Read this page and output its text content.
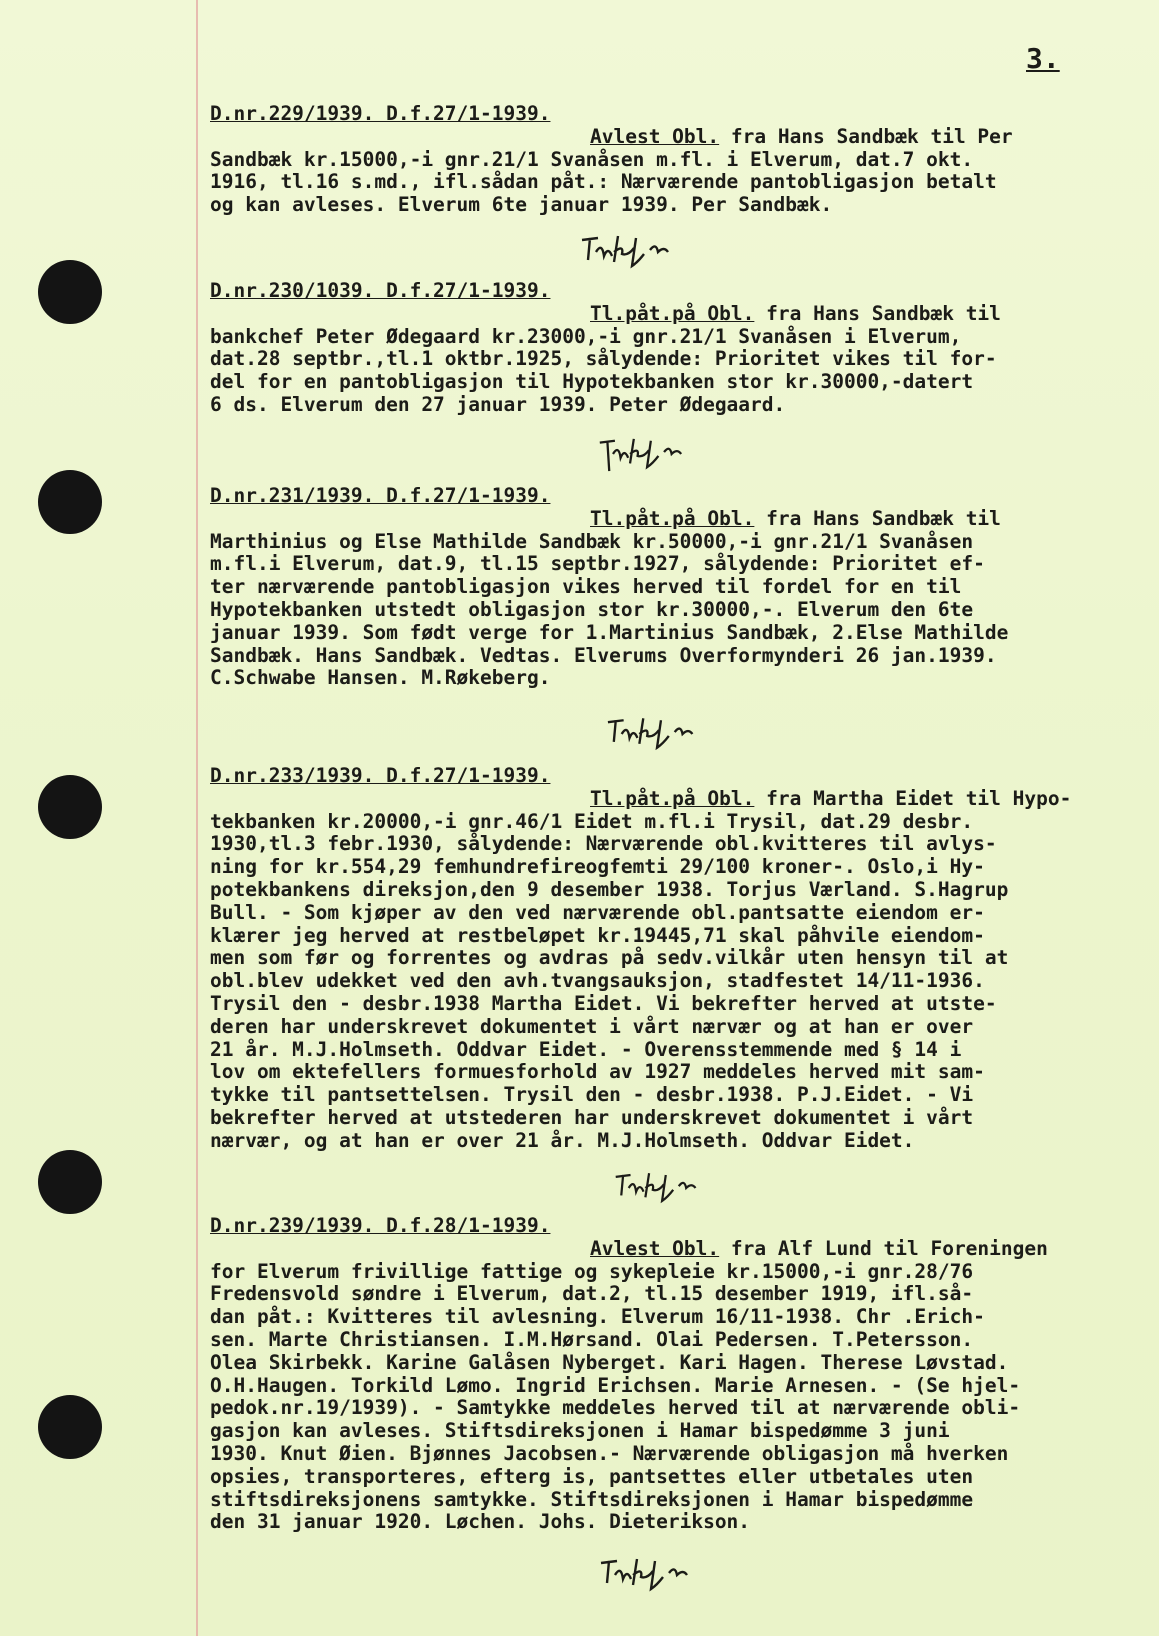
3.
D.nr.229/1939. D.f.27/1-1939.
Avlest Obl. fra Hans Sandbæk til Per
Sandbæk kr.15000,-i gnr.21/1 Svanåsen m.fl. i Elverum, dat.7 okt.
1916, tl.16 s.md., ifl.sådan påt.: Nærværende pantobligasjon betalt
og kan avleses. Elverum 6te januar 1939. Per Sandbæk.
D.nr.230/1039. D.f.27/1-1939.
Tl.påt.på Obl. fra Hans Sandbæk til
bankchef Peter Ødegaard kr.23000,-i gnr.21/1 Svanåsen i Elverum,
dat.28 septbr.,tl.1 oktbr.1925, sålydende: Prioritet vikes til for-
del for en pantobligasjon til Hypotekbanken stor kr.30000,-datert
6 ds. Elverum den 27 januar 1939. Peter Ødegaard.
D.nr.231/1939. D.f.27/1-1939.
Tl.påt.på Obl. fra Hans Sandbæk til
Marthinius og Else Mathilde Sandbæk kr.50000,-i gnr.21/1 Svanåsen
m.fl.i Elverum, dat.9, tl.15 septbr.1927, sålydende: Prioritet ef-
ter nærværende pantobligasjon vikes herved til fordel for en til
Hypotekbanken utstedt obligasjon stor kr.30000,-. Elverum den 6te
januar 1939. Som født verge for 1.Martinius Sandbæk, 2.Else Mathilde
Sandbæk. Hans Sandbæk. Vedtas. Elverums Overformynderi 26 jan.1939.
C.Schwabe Hansen. M.Røkeberg.
D.nr.233/1939. D.f.27/1-1939.
Tl.påt.på Obl. fra Martha Eidet til Hypo-
tekbanken kr.20000,-i gnr.46/1 Eidet m.fl.i Trysil, dat.29 desbr.
1930,tl.3 febr.1930, sålydende: Nærværende obl.kvitteres til avlys-
ning for kr.554,29 femhundrefireogfemti 29/100 kroner-. Oslo,i Hy-
potekbankens direksjon,den 9 desember 1938. Torjus Værland. S.Hagrup
Bull. - Som kjøper av den ved nærværende obl.pantsatte eiendom er-
klærer jeg herved at restbeløpet kr.19445,71 skal påhvile eiendom-
men som før og forrentes og avdras på sedv.vilkår uten hensyn til at
obl.blev udekket ved den avh.tvangsauksjon, stadfestet 14/11-1936.
Trysil den - desbr.1938 Martha Eidet. Vi bekrefter herved at utste-
deren har underskrevet dokumentet i vårt nærvær og at han er over
21 år. M.J.Holmseth. Oddvar Eidet. - Overensstemmende med § 14 i
lov om ektefellers formuesforhold av 1927 meddeles herved mit sam-
tykke til pantsettelsen. Trysil den - desbr.1938. P.J.Eidet. - Vi
bekrefter herved at utstederen har underskrevet dokumentet i vårt
nærvær, og at han er over 21 år. M.J.Holmseth. Oddvar Eidet.
D.nr.239/1939. D.f.28/1-1939.
Avlest Obl. fra Alf Lund til Foreningen
for Elverum frivillige fattige og sykepleie kr.15000,-i gnr.28/76
Fredensvold søndre i Elverum, dat.2, tl.15 desember 1919, ifl.så-
dan påt.: Kvitteres til avlesning. Elverum 16/11-1938. Chr .Erich-
sen. Marte Christiansen. I.M.Hørsand. Olai Pedersen. T.Petersson.
Olea Skirbekk. Karine Galåsen Nyberget. Kari Hagen. Therese Løvstad.
O.H.Haugen. Torkild Lømo. Ingrid Erichsen. Marie Arnesen. - (Se hjel-
pedok.nr.19/1939). - Samtykke meddeles herved til at nærværende obli-
gasjon kan avleses. Stiftsdireksjonen i Hamar bispedømme 3 juni
1930. Knut Øien. Bjønnes Jacobsen.- Nærværende obligasjon må hverken
opsies, transporteres, efterg is, pantsettes eller utbetales uten
stiftsdireksjonens samtykke. Stiftsdireksjonen i Hamar bispedømme
den 31 januar 1920. Løchen. Johs. Dieterikson.
